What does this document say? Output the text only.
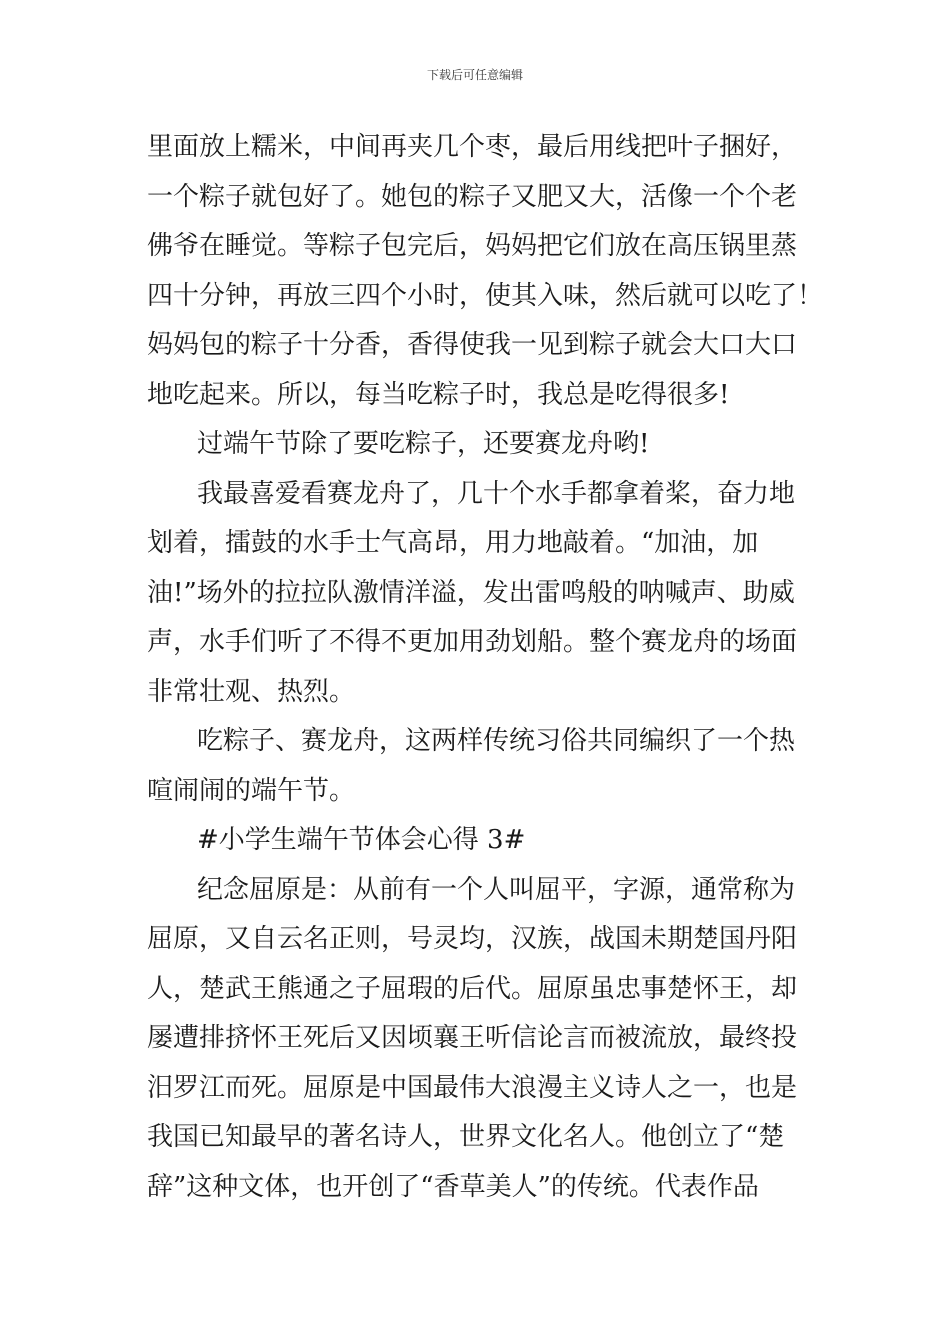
下载后可任意编辑
里面放上糯米，中间再夹几个枣，最后用线把叶子捆好，
一个粽子就包好了。她包的粽子又肥又大，活像一个个老
佛爷在睡觉。等粽子包完后，妈妈把它们放在高压锅里蒸
四十分钟，再放三四个小时，使其入味，然后就可以吃了！
妈妈包的粽子十分香，香得使我一见到粽子就会大口大口
地吃起来。所以，每当吃粽子时，我总是吃得很多!
过端午节除了要吃粽子，还要赛龙舟哟!
我最喜爱看赛龙舟了，几十个水手都拿着桨，奋力地
划着，擂鼓的水手士气高昂，用力地敲着。“加油，加
油!”场外的拉拉队激情洋溢，发出雷鸣般的呐喊声、助威
声，水手们听了不得不更加用劲划船。整个赛龙舟的场面
非常壮观、热烈。
吃粽子、赛龙舟，这两样传统习俗共同编织了一个热
喧闹闹的端午节。
#小学生端午节体会心得 3#
纪念屈原是：从前有一个人叫屈平，字源，通常称为
屈原，又自云名正则，号灵均，汉族，战国未期楚国丹阳
人，楚武王熊通之子屈瑕的后代。屈原虽忠事楚怀王，却
屡遭排挤怀王死后又因顷襄王听信论言而被流放，最终投
汨罗江而死。屈原是中国最伟大浪漫主义诗人之一，也是
我国已知最早的著名诗人，世界文化名人。他创立了“楚
辞”这种文体，也开创了“香草美人”的传统。代表作品
